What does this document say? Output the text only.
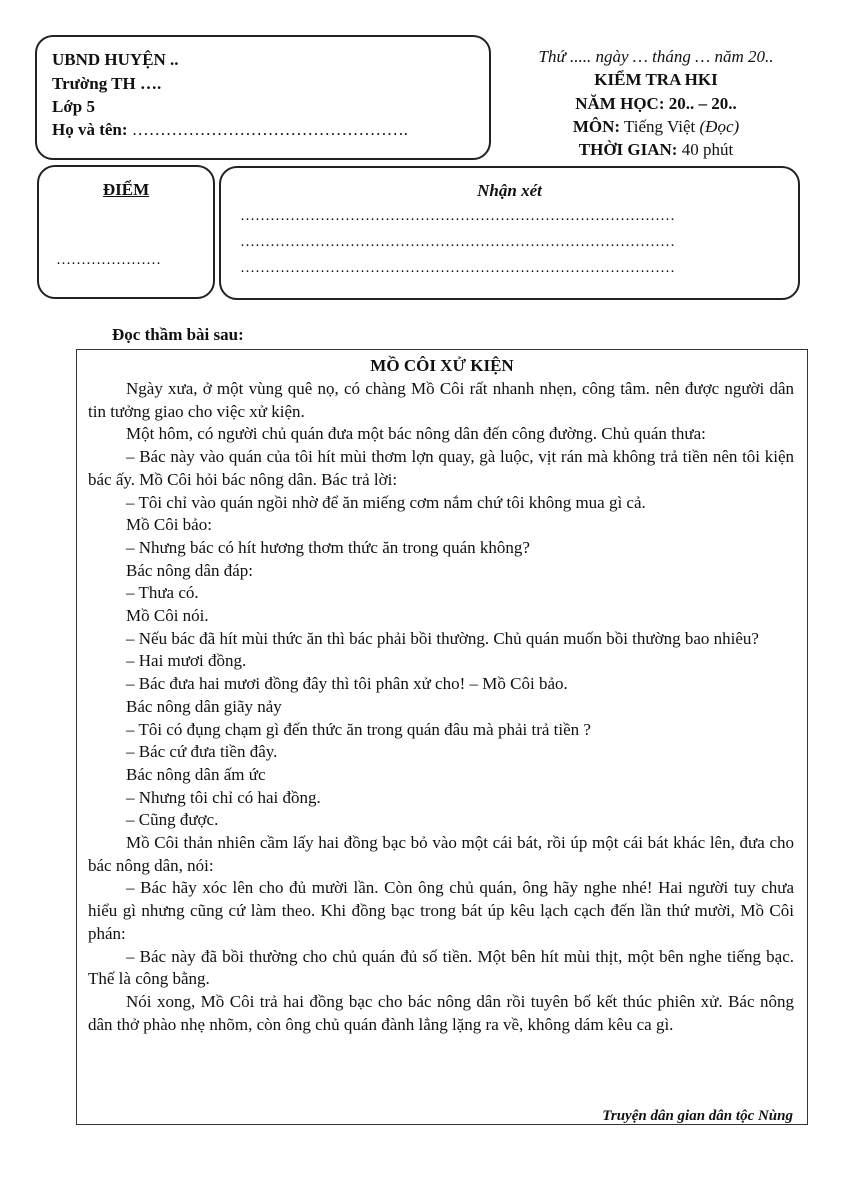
UBND HUYỆN ..
Trường TH ….
Lớp 5
Họ và tên: ………………………………………….
Thứ ..... ngày … tháng … năm 20..
KIỂM TRA HKI
NĂM HỌC: 20.. – 20..
MÔN: Tiếng Việt (Đọc)
THỜI GIAN: 40 phút
ĐIỂM
…………………
Nhận xét
……………………………………………………………………………
……………………………………………………………………………
……………………………………………………………………………
Đọc thầm bài sau:
MỒ CÔI XỬ KIỆN

Ngày xưa, ở một vùng quê nọ, có chàng Mồ Côi rất nhanh nhẹn, công tâm. nên được người dân tin tưởng giao cho việc xử kiện.

Một hôm, có người chủ quán đưa một bác nông dân đến công đường. Chủ quán thưa:

– Bác này vào quán của tôi hít mùi thơm lợn quay, gà luộc, vịt rán mà không trả tiền nên tôi kiện bác ấy. Mồ Côi hỏi bác nông dân. Bác trả lời:

– Tôi chỉ vào quán ngồi nhờ để ăn miếng cơm nắm chứ tôi không mua gì cả.

Mồ Côi bảo:

– Nhưng bác có hít hương thơm thức ăn trong quán không?

Bác nông dân đáp:

– Thưa có.

Mồ Côi nói.

– Nếu bác đã hít mùi thức ăn thì bác phải bồi thường. Chủ quán muốn bồi thường bao nhiêu?

– Hai mươi đồng.

– Bác đưa hai mươi đồng đây thì tôi phân xử cho! – Mồ Côi bảo.

Bác nông dân giãy nảy

– Tôi có đụng chạm gì đến thức ăn trong quán đâu mà phải trả tiền ?

– Bác cứ đưa tiền đây.

Bác nông dân ấm ức

– Nhưng tôi chỉ có hai đồng.

– Cũng được.

Mồ Côi thản nhiên cầm lấy hai đồng bạc bỏ vào một cái bát, rồi úp một cái bát khác lên, đưa cho bác nông dân, nói:

– Bác hãy xóc lên cho đủ mười lần. Còn ông chủ quán, ông hãy nghe nhé! Hai người tuy chưa hiểu gì nhưng cũng cứ làm theo. Khi đồng bạc trong bát úp kêu lạch cạch đến lần thứ mười, Mồ Côi phán:

– Bác này đã bồi thường cho chủ quán đủ số tiền. Một bên hít mùi thịt, một bên nghe tiếng bạc. Thế là công bằng.

Nói xong, Mồ Côi trả hai đồng bạc cho bác nông dân rồi tuyên bố kết thúc phiên xử. Bác nông dân thở phào nhẹ nhõm, còn ông chủ quán đành lẳng lặng ra về, không dám kêu ca gì.

Truyện dân gian dân tộc Nùng
